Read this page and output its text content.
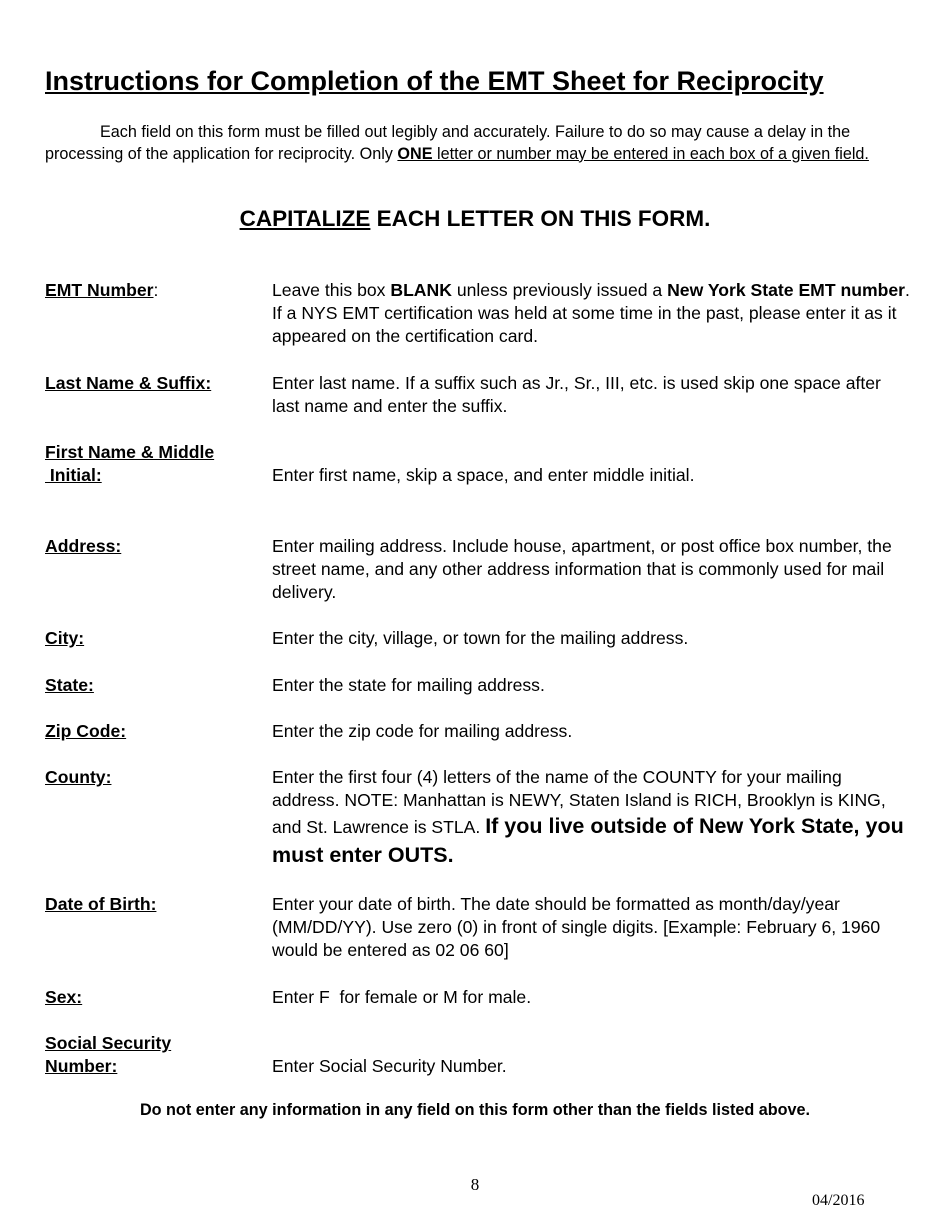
Instructions for Completion of the EMT Sheet for Reciprocity

Each field on this form must be filled out legibly and accurately. Failure to do so may cause a delay in the processing of the application for reciprocity. Only ONE letter or number may be entered in each box of a given field.

CAPITALIZE EACH LETTER ON THIS FORM.
EMT Number:	Leave this box BLANK unless previously issued a New York State EMT number. If a NYS EMT certification was held at some time in the past, please enter it as it appeared on the certification card.
Last Name & Suffix:	Enter last name. If a suffix such as Jr., Sr., III, etc. is used skip one space after last name and enter the suffix.
First Name & Middle
Initial:	Enter first name, skip a space, and enter middle initial.
Address:	Enter mailing address. Include house, apartment, or post office box number, the street name, and any other address information that is commonly used for mail delivery.
City:	Enter the city, village, or town for the mailing address.
State:	Enter the state for mailing address.
Zip Code:	Enter the zip code for mailing address.
County:	Enter the first four (4) letters of the name of the COUNTY for your mailing address. NOTE: Manhattan is NEWY, Staten Island is RICH, Brooklyn is KING, and St. Lawrence is STLA. If you live outside of New York State, you must enter OUTS.
Date of Birth:	Enter your date of birth. The date should be formatted as month/day/year (MM/DD/YY). Use zero (0) in front of single digits. [Example: February 6, 1960 would be entered as 02 06 60]
Sex:	Enter F  for female or M for male.
Social Security
Number:	Enter Social Security Number.

Do not enter any information in any field on this form other than the fields listed above.

8
04/2016
